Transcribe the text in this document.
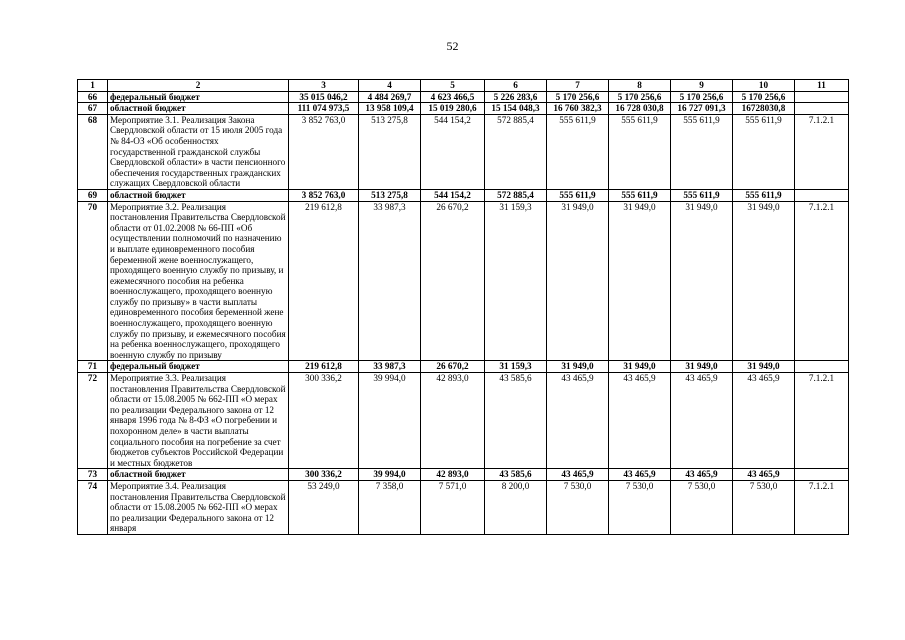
52
1	2	3	4	5	6	7	8	9	10	11
66	федеральный бюджет	35 015 046,2	4 484 269,7	4 623 466,5	5 226 283,6	5 170 256,6	5 170 256,6	5 170 256,6	5 170 256,6	
67	областной бюджет	111 074 973,5	13 958 109,4	15 019 280,6	15 154 048,3	16 760 382,3	16 728 030,8	16 727 091,3	16728030,8	
68	Мероприятие 3.1. Реализация Закона Свердловской области от 15 июля 2005 года № 84-ОЗ «Об особенностях государственной гражданской службы Свердловской области» в части пенсионного обеспечения государственных гражданских служащих Свердловской области	3 852 763,0	513 275,8	544 154,2	572 885,4	555 611,9	555 611,9	555 611,9	555 611,9	7.1.2.1
69	областной бюджет	3 852 763,0	513 275,8	544 154,2	572 885,4	555 611,9	555 611,9	555 611,9	555 611,9	
70	Мероприятие 3.2. Реализация постановления Правительства Свердловской области от 01.02.2008 № 66-ПП «Об осуществлении полномочий по назначению и выплате единовременного пособия беременной жене военнослужащего, проходящего военную службу по призыву, и ежемесячного пособия на ребенка военнослужащего, проходящего военную службу по призыву» в части выплаты единовременного пособия беременной жене военнослужащего, проходящего военную службу по призыву, и ежемесячного пособия на ребенка военнослужащего, проходящего военную службу по призыву	219 612,8	33 987,3	26 670,2	31 159,3	31 949,0	31 949,0	31 949,0	31 949,0	7.1.2.1
71	федеральный бюджет	219 612,8	33 987,3	26 670,2	31 159,3	31 949,0	31 949,0	31 949,0	31 949,0	
72	Мероприятие 3.3. Реализация постановления Правительства Свердловской области от 15.08.2005 № 662-ПП «О мерах по реализации Федерального закона от 12 января 1996 года № 8-ФЗ «О погребении и похоронном деле» в части выплаты социального пособия на погребение за счет бюджетов субъектов Российской Федерации и местных бюджетов	300 336,2	39 994,0	42 893,0	43 585,6	43 465,9	43 465,9	43 465,9	43 465,9	7.1.2.1
73	областной бюджет	300 336,2	39 994,0	42 893,0	43 585,6	43 465,9	43 465,9	43 465,9	43 465,9	
74	Мероприятие 3.4. Реализация постановления Правительства Свердловской области от 15.08.2005 № 662-ПП «О мерах по реализации Федерального закона от 12 января	53 249,0	7 358,0	7 571,0	8 200,0	7 530,0	7 530,0	7 530,0	7 530,0	7.1.2.1
